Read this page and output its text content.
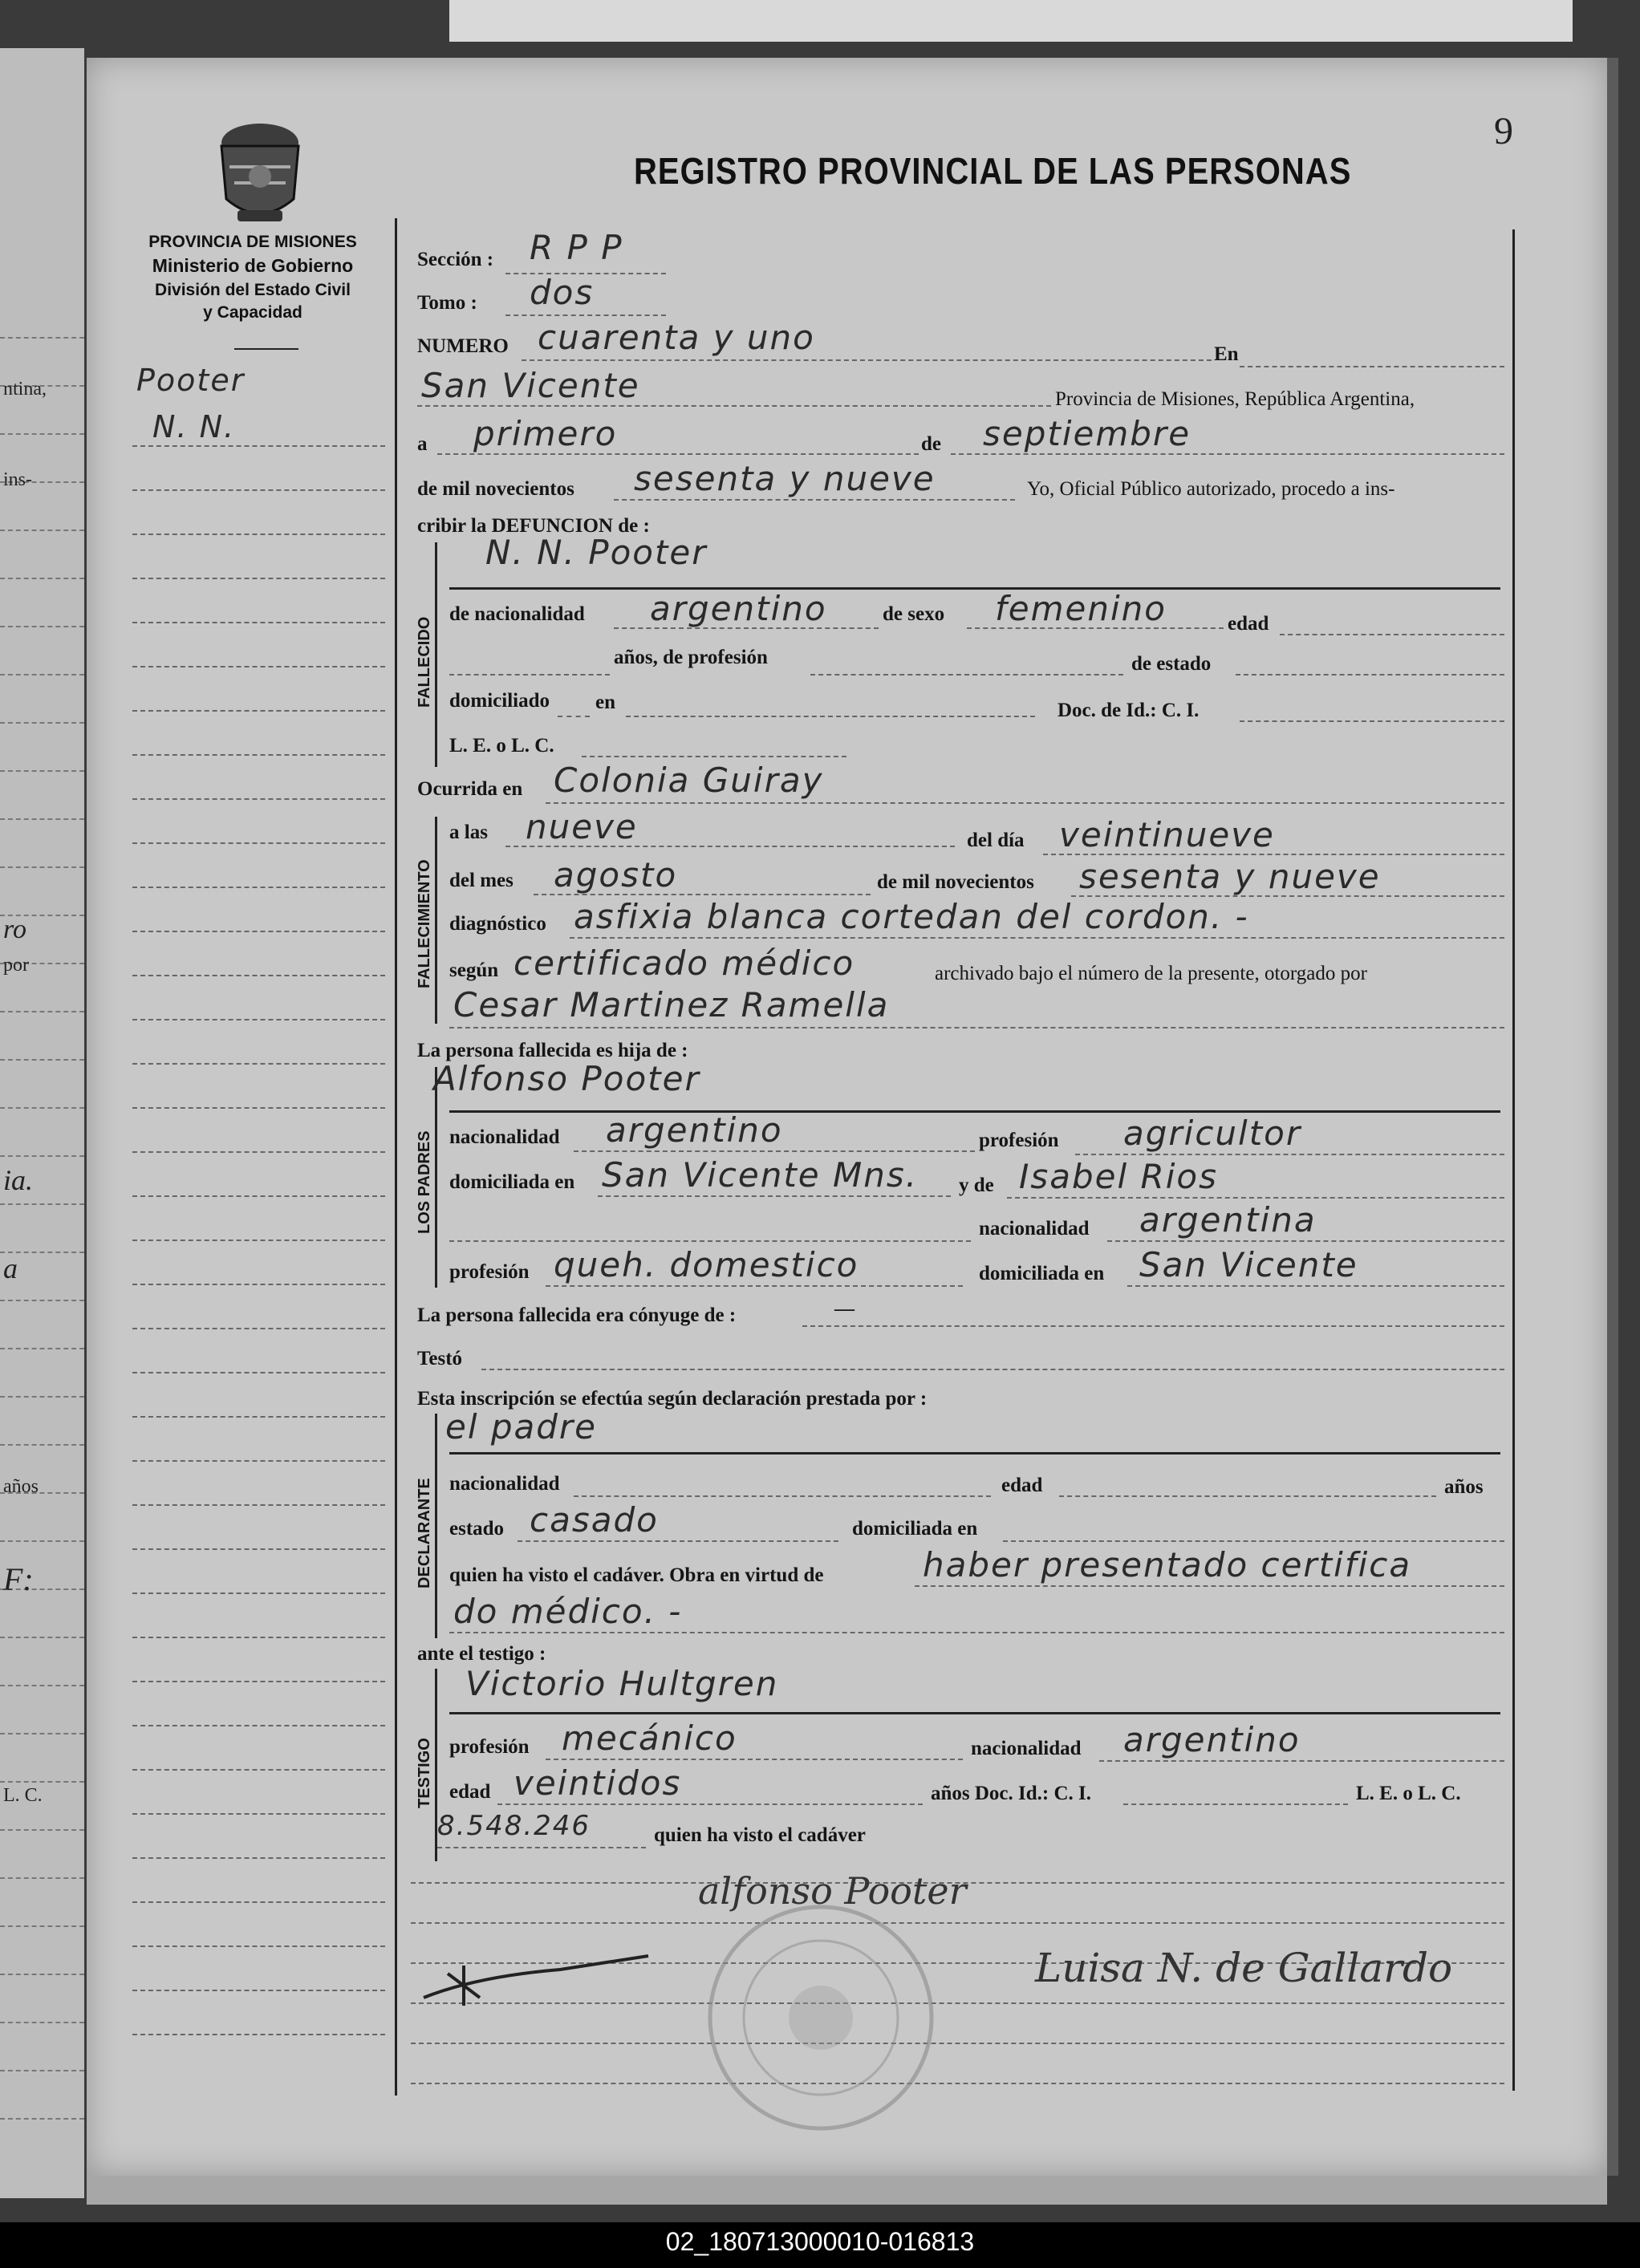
ntina,
ins-
ro
por
ia.
a
años
F:
L. C.
PROVINCIA DE MISIONES
Ministerio de Gobierno
División del Estado Civil
y Capacidad
REGISTRO PROVINCIAL DE LAS PERSONAS
9
Pooter
N. N.
Sección : R P P
Tomo : dos
NUMERO cuarenta y uno	En
San Vicente	Provincia de Misiones, República Argentina,
a primero	de septiembre
de mil novecientos sesenta y nueve	Yo, Oficial Público autorizado, procedo a ins-
cribir la DEFUNCION de :
FALLECIDO
N. N. Pooter
de nacionalidad argentino	de sexo femenino	edad
años, de profesión	de estado
domiciliado en	Doc. de Id.: C. I.
L. E. o L. C.
Ocurrida en Colonia Guiray
FALLECIMIENTO
a las nueve	del día veintinueve
del mes agosto	de mil novecientos sesenta y nueve
diagnóstico asfixia blanca cortedan del cordon. -
según certificado médico	archivado bajo el número de la presente, otorgado por
Cesar Martinez Ramella
La persona fallecida es hija de :
LOS PADRES
Alfonso Pooter
nacionalidad argentino	profesión agricultor
domiciliada en San Vicente Mns. y de Isabel Rios
nacionalidad argentina
profesión queh. domestico	domiciliada en San Vicente
La persona fallecida era cónyuge de :	—
Testó
Esta inscripción se efectúa según declaración prestada por :
DECLARANTE
el padre
nacionalidad	edad	años
estado casado	domiciliada en
quien ha visto el cadáver. Obra en virtud de	haber presentado certifica
do médico. -
ante el testigo :
TESTIGO
Victorio Hultgren
profesión mecánico	nacionalidad argentino
edad veintidos	años Doc. Id.: C. I.	L. E. o L. C.
8.548.246	quien ha visto el cadáver
alfonso Pooter
Luisa N. de Gallardo
02_180713000010-016813
